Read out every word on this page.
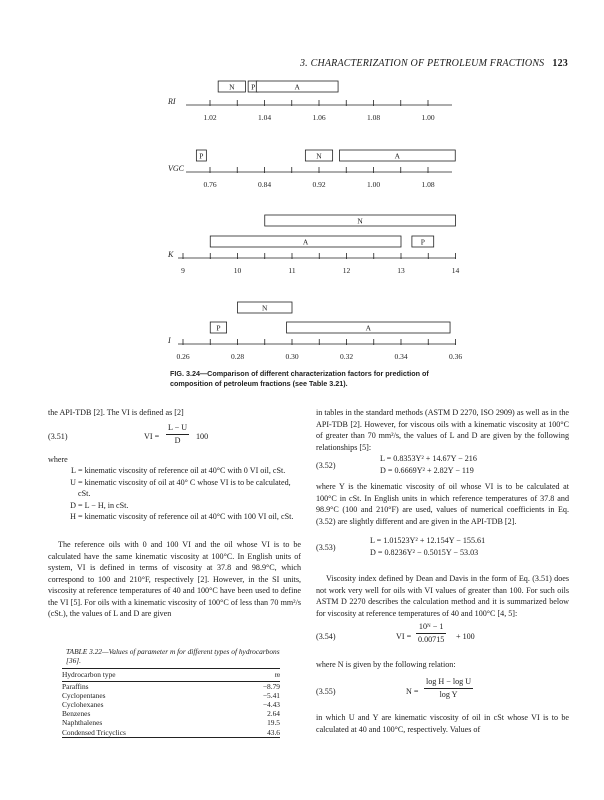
3. CHARACTERIZATION OF PETROLEUM FRACTIONS 123
RI
1.02	1.04	1.06	1.08	1.00
N P	A
VGC
0.76	0.84	0.92	1.00	1.08
P	N	A
K
9	10	11	12	13	14
N
A	P
I
0.26	0.28	0.30	0.32	0.34	0.36
N
P	A
FIG. 3.24—Comparison of different characterization factors for prediction of composition of petroleum fractions (see Table 3.21).
the API-TDB [2]. The VI is defined as [2]
(3.51)	VI = $\frac{L - U}{D} 100$
where
L = kinematic viscosity of reference oil at 40°C with 0 VI oil, cSt.
U = kinematic viscosity of oil at 40° C whose VI is to be calculated, cSt.
D = L − H, in cSt.
H = kinematic viscosity of reference oil at 40°C with 100 VI oil, cSt.

The reference oils with 0 and 100 VI and the oil whose VI is to be calculated have the same kinematic viscosity at 100°C. In English units of system, VI is defined in terms of viscosity at 37.8 and 98.9°C, which correspond to 100 and 210°F, respectively [2]. However, in the SI units, viscosity at reference temperatures of 40 and 100°C have been used to define the VI [5]. For oils with a kinematic viscosity of 100°C of less than 70 mm²/s (cSt.), the values of L and D are given

TABLE 3.22—Values of parameter m for different types of hydrocarbons [36].
Hydrocarbon type	m
Paraffins	−8.79
Cyclopentanes	−5.41
Cyclohexanes	−4.43
Benzenes	2.64
Naphthalenes	19.5
Condensed Tricyclics	43.6

in tables in the standard methods (ASTM D 2270, ISO 2909) as well as in the API-TDB [2]. However, for viscous oils with a kinematic viscosity at 100°C of greater than 70 mm²/s, the values of L and D are given by the following relationships [5]:

(3.52)
L = 0.8353Y² + 14.67Y − 216
D = 0.6669Y² + 2.82Y − 119

where Y is the kinematic viscosity of oil whose VI is to be calculated at 100°C in cSt. In English units in which reference temperatures of 37.8 and 98.9°C (100 and 210°F) are used, values of numerical coefficients in Eq. (3.52) are slightly different and are given in the API-TDB [2].

(3.53)
L = 1.01523Y² + 12.154Y − 155.61
D = 0.8236Y² − 0.5015Y − 53.03

Viscosity index defined by Dean and Davis in the form of Eq. (3.51) does not work very well for oils with VI values of greater than 100. For such oils ASTM D 2270 describes the calculation method and it is summarized below for viscosity at reference temperatures of 40 and 100°C [4, 5]:

(3.54)	VI = $\frac{\text{10ᴺ − 1}}{0.00715} + 100$

where N is given by the following relation:

(3.55)	$N = \frac{\text{log H − log U}}{\text{log Y}}$

in which U and Y are kinematic viscosity of oil in cSt whose VI is to be calculated at 40 and 100°C, respectively. Values of
